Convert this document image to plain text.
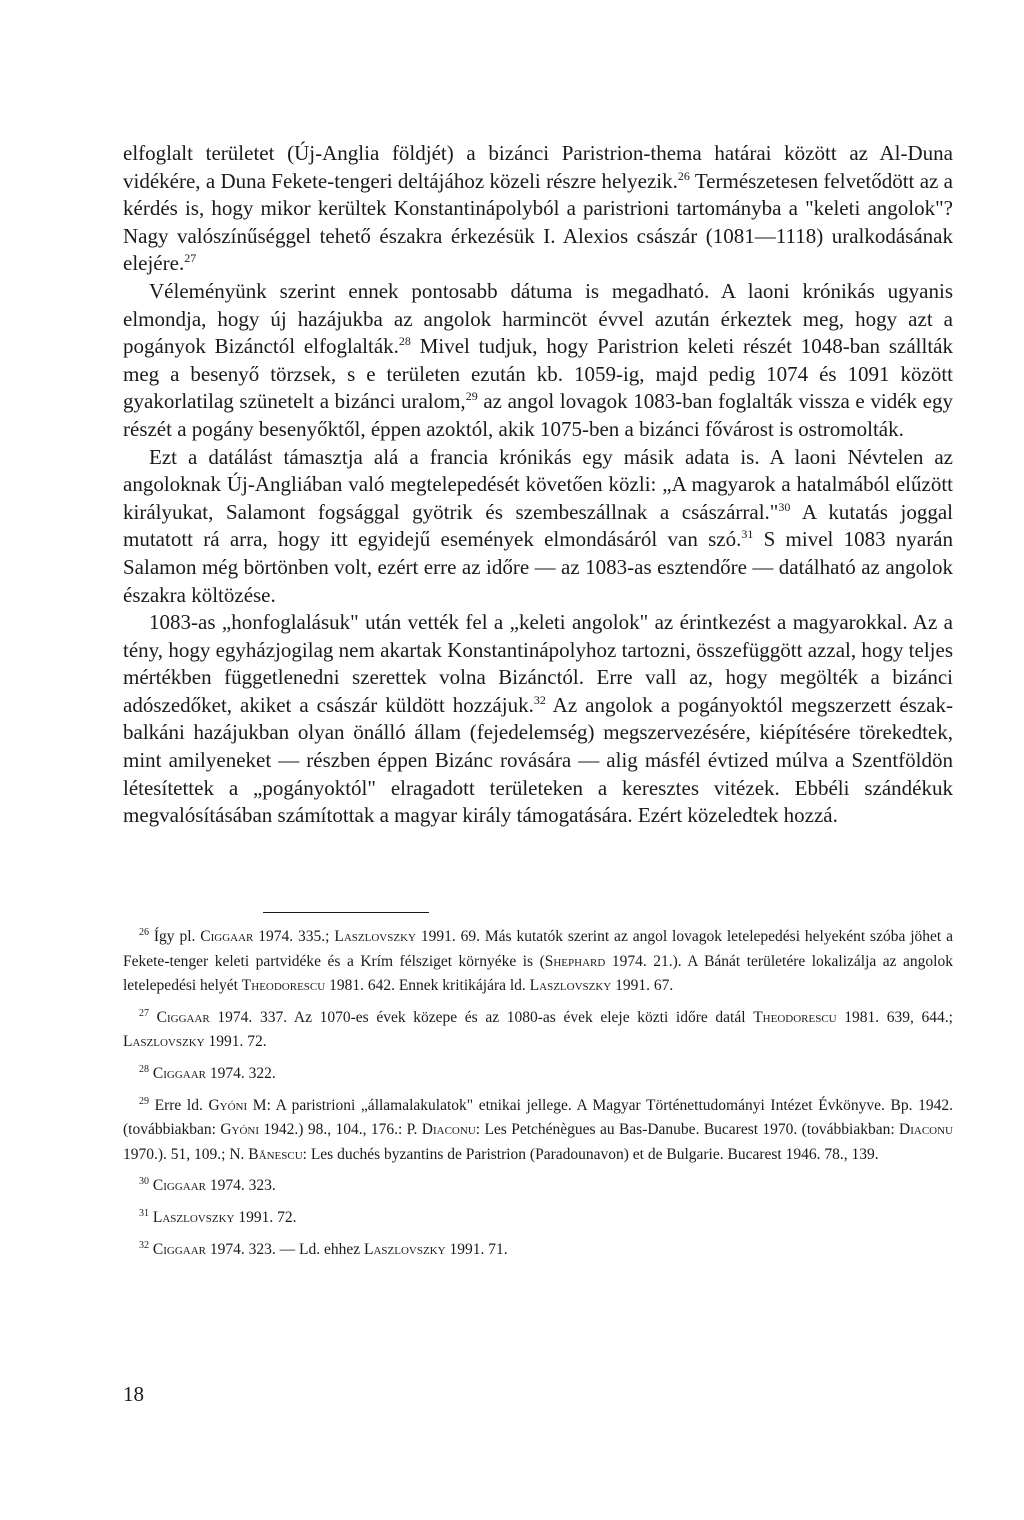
elfoglalt területet (Új-Anglia földjét) a bizánci Paristrion-thema határai között az Al-Duna vidékére, a Duna Fekete-tengeri deltájához közeli részre helyezik.$^{26}$ Természetesen felvetődött az a kérdés is, hogy mikor kerültek Konstantinápolyból a paristrioni tartományba a "keleti angolok"? Nagy valószínűséggel tehető északra érkezésük I. Alexios császár (1081—1118) uralkodásának elejére.$^{27}$

Véleményünk szerint ennek pontosabb dátuma is megadható. A laoni krónikás ugyanis elmondja, hogy új hazájukba az angolok harmincöt évvel azután érkeztek meg, hogy azt a pogányok Bizánctól elfoglalták.$^{28}$ Mivel tudjuk, hogy Paristrion keleti részét 1048-ban szállták meg a besenyő törzsek, s e területen ezután kb. 1059-ig, majd pedig 1074 és 1091 között gyakorlatilag szünetelt a bizánci uralom,$^{29}$ az angol lovagok 1083-ban foglalták vissza e vidék egy részét a pogány besenyőktől, éppen azoktól, akik 1075-ben a bizánci fővárost is ostromolták.

Ezt a datálást támasztja alá a francia krónikás egy másik adata is. A laoni Névtelen az angoloknak Új-Angliában való megtelepedését követően közli: „A magyarok a hatalmából elűzött királyukat, Salamont fogsággal gyötrik és szembeszállnak a császárral."$^{30}$ A kutatás joggal mutatott rá arra, hogy itt egyidejű események elmondásáról van szó.$^{31}$ S mivel 1083 nyarán Salamon még börtönben volt, ezért erre az időre — az 1083-as esztendőre — datálható az angolok északra költözése.

1083-as „honfoglalásuk" után vették fel a „keleti angolok" az érintkezést a magyarokkal. Az a tény, hogy egyházjogilag nem akartak Konstantinápolyhoz tartozni, összefüggött azzal, hogy teljes mértékben függetlenedni szerettek volna Bizánctól. Erre vall az, hogy megölték a bizánci adószedőket, akiket a császár küldött hozzájuk.$^{32}$ Az angolok a pogányoktól megszerzett észak-balkáni hazájukban olyan önálló állam (fejedelemség) megszervezésére, kiépítésére törekedtek, mint amilyeneket — részben éppen Bizánc rovására — alig másfél évtized múlva a Szentföldön létesítettek a „pogányoktól" elragadott területeken a keresztes vitézek. Ebbéli szándékuk megvalósításában számítottak a magyar király támogatására. Ezért közeledtek hozzá.

$^{26}$ Így pl. Ciggaar 1974. 335.; Laszlovszky 1991. 69. Más kutatók szerint az angol lovagok letelepedési helyeként szóba jöhet a Fekete-tenger keleti partvidéke és a Krím félsziget környéke is (Shephard 1974. 21.). A Bánát területére lokalizálja az angolok letelepedési helyét Theodorescu 1981. 642. Ennek kritikájára ld. Laszlovszky 1991. 67.

$^{27}$ Ciggaar 1974. 337. Az 1070-es évek közepe és az 1080-as évek eleje közti időre datál Theodorescu 1981. 639, 644.; Laszlovszky 1991. 72.

$^{28}$ Ciggaar 1974. 322.

$^{29}$ Erre ld. Gyóni M: A paristrioni „államalakulatok" etnikai jellege. A Magyar Történettudományi Intézet Évkönyve. Bp. 1942. (továbbiakban: Gyóni 1942.) 98., 104., 176.: P. Diaconu: Les Petchénègues au Bas-Danube. Bucarest 1970. (továbbiakban: Diaconu 1970.). 51, 109.; N. Bănescu: Les duchés byzantins de Paristrion (Paradounavon) et de Bulgarie. Bucarest 1946. 78., 139.

$^{30}$ Ciggaar 1974. 323.

$^{31}$ Laszlovszky 1991. 72.

$^{32}$ Ciggaar 1974. 323. — Ld. ehhez Laszlovszky 1991. 71.

18
